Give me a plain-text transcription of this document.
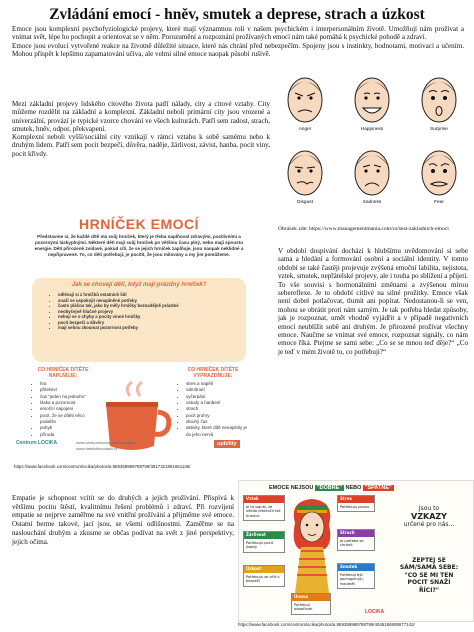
Zvládání emocí - hněv, smutek a deprese, strach a úzkost

Emoce jsou komplexní psychofyziologické projevy, které mají významnou roli v našem psychickém i interpersonálním životě. Umožňují nám prožívat a vnímat svět, lépe ho pochopit a orientovat se v něm. Porozumění a rozpoznání prožívaných emocí nám také pomáhá k psychické pohodě a zdraví.

Emoce jsou evolucí vytvořené reakce na životně důležité situace, které nás chrání před nebezpečím. Spojeny jsou s instinkty, hodnotami, motivací a učením. Mohou přispět k lepšímu zapamatování učiva, ale velmi silné emoce naopak působí rušivě.

Mezi základní projevy lidského citového života patří nálady, city a citové vztahy. City můžeme rozdělit na základní a komplexní. Základní neboli primární city jsou vrozené a univerzální, provází je typické vzorce chování ve všech kulturách. Patří sem radost, strach, smutek, hněv, odpor, překvapení.

Komplexní neboli vyšší/sociální city vznikají v rámci vztahu k sobě samému nebo k druhým lidem. Patří sem pocit bezpečí, důvěra, naděje, žárlivost, závist, hanba, pocit viny, pocit křivdy.

Anger	Happiness	Surprise
Disgust	Sadness	Fear
Obrázek zde: https://www.managementmania.com/cs/sest-zakladnich-emoci
HRNÍČEK EMOCÍ
Představme si, že každé dítě má svůj hrníček, který je třeba naplňovat zdravými, pozitivními a pozornými láskyplnými. Některé děti mají svůj hrníček po většinu času plný, nebo mají spoustu energie. Děti přirozeně zvídavé, pokud cítí, že se jejich hrníček zaplňuje, jsou naopak neklidné a nepřipravené. To, co děti potřebují, je pocítit, že jsou milovány a my jim pomůžeme.
Jak se chovají děti, když mají prázdný hrníček?
• odlévají si z hrníčků ostatních lidí
• snaží se uspokojit nenaplněné potřeby
• často pláčou tak, jako by měly hrníčky beznadějně prázdné
• neobyčejně hlučné projevy
• nebojí se o chyby a pocity vinné hrníčky
• pocit bezpečí a důvěry
• mají sebou zkoumat pozornost potřeby
CO HRNÍČEK DÍTĚTE NAPLŇUJE:
• hra
• přítelství
• čas "jeden na jednoho"
• láska a pozornost
• emoční napojení
• pocit, že se dítěti něco podařilo
• pohyb
• příroda
CO HRNÍČEK DÍTĚTE VYPRAZDŇUJE:
• stres a napětí
• odmítnutí
• vyčerpání
• ostudy a hanbení
• strach
• pocit prohry
• dlouhý čas
• aktivity, které dítě nenaplnily je do jeho nervů
Centrum LOCIKA	www.centrumlocika.cz/konzultace
www.detstvibeznasili.cz
upbility
https://www.facebook.com/centrumlocika/photos/a.869359989788799/3917321861661136/
V období dospívání dochází k hlubšímu uvědomování si sebe sama a hledání a formování osobní a sociální identity. V tomto období se také častěji projevuje zvýšená emoční labilita, nejistota, vztek, smutek, nepřátelské projevy, ale i touha po sblížení a přijetí. To vše souvisí s hormonálními změnami a zvýšenou mírou sebereflexe. Je to období citlivé na silné prožitky. Emoce však není dobré potlačovat, tlumit ani popírat. Nedostanou-li se ven, mohou se obrátit proti nám samým. Je tak potřeba hledat způsoby, jak je rozpoznat, umět vhodně vyjádřit a v případě negativních emocí neublížit sobě ani druhým. Je přirozené prožívat všechny emoce. Naučme se vnímat své emoce, rozpoznat signály, co nám emoce říká. Ptejme se sami sebe: „Co se se mnou teď děje?“ „Co je teď v mém životě to, co potřebuji?“
Empatie je schopnost vcítit se do druhých a jejich prožívání. Přispívá k většímu pocitu štěstí, kvalitnímu řešení problémů i zdraví. Při rozvíjení empatie se nejprve zaměřme na své vnitřní prožívání a přijměme své emoce. Ostatní berme takové, jací jsou, se všemi odlišnostmi. Zaměřme se na naslouchání druhým a zkusme se občas podívat na svět z jiné perspektivy, jejich očima.
EMOCE NEJSOU "DOBRÉ" NEBO "ŠPATNÉ"
Vztek
Je to signál, že někdo překročil tvé hranice
Žárlivost
Potřebuju pocit jistoty
Úzkost
Potřebuju se cítit v bezpečí
Stres
Potřebuju pauzu
Strach
Je potřeba se chránit
Smutek
Potřebuji být pochopen(a), rozumět
Únava
Potřebuji odpočinek
Jsou to
VZKAZY
určené pro nás...
ZEPTEJ SE
SÁM/SAMA SEBE:
"CO SE MI TEN
POCIT SNAŽÍ
ŘÍCI?"
LOCIKA
https://www.facebook.com/centrumlocika/photos/a.869359989788799/4045186908677142/
